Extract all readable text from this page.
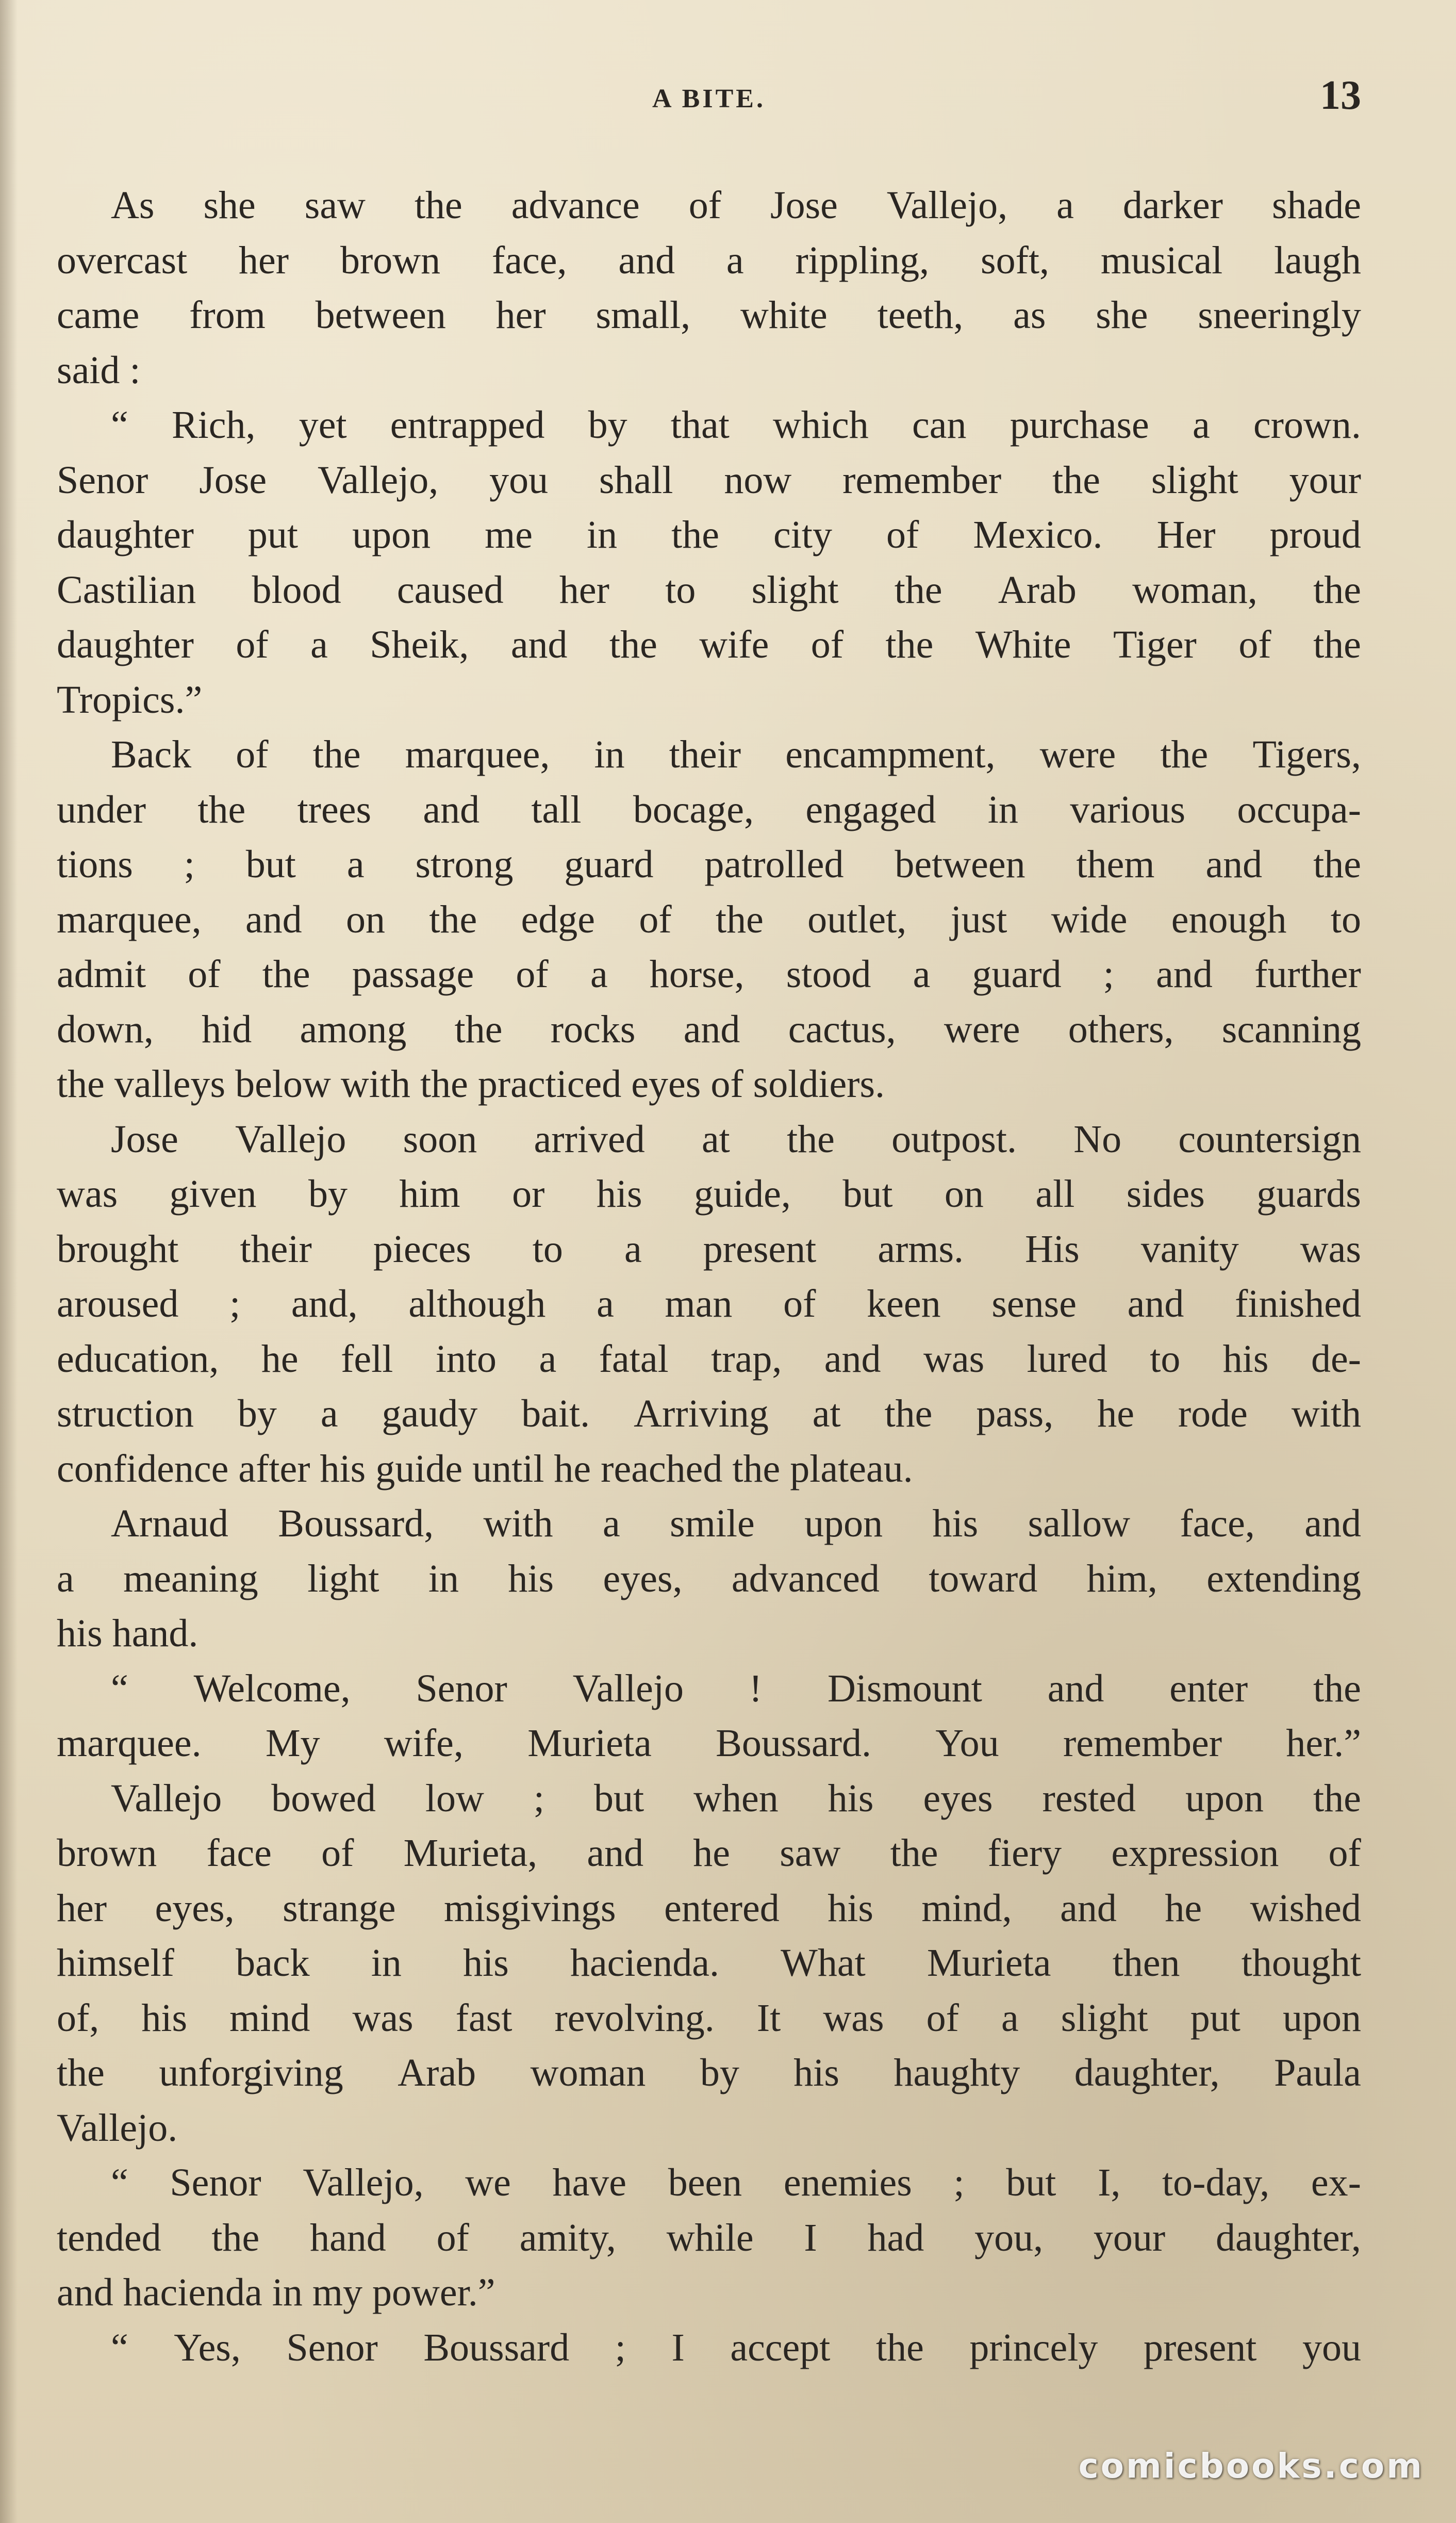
A BITE.	13
As she saw the advance of Jose Vallejo, a darker shade
overcast her brown face, and a rippling, soft, musical laugh
came from between her small, white teeth, as she sneeringly
said :
“ Rich, yet entrapped by that which can purchase a crown.
Senor Jose Vallejo, you shall now remember the slight your
daughter put upon me in the city of Mexico. Her proud
Castilian blood caused her to slight the Arab woman, the
daughter of a Sheik, and the wife of the White Tiger of the
Tropics.”
Back of the marquee, in their encampment, were the Tigers,
under the trees and tall bocage, engaged in various occupa-
tions ; but a strong guard patrolled between them and the
marquee, and on the edge of the outlet, just wide enough to
admit of the passage of a horse, stood a guard ; and further
down, hid among the rocks and cactus, were others, scanning
the valleys below with the practiced eyes of soldiers.
Jose Vallejo soon arrived at the outpost. No countersign
was given by him or his guide, but on all sides guards
brought their pieces to a present arms. His vanity was
aroused ; and, although a man of keen sense and finished
education, he fell into a fatal trap, and was lured to his de-
struction by a gaudy bait. Arriving at the pass, he rode with
confidence after his guide until he reached the plateau.
Arnaud Boussard, with a smile upon his sallow face, and
a meaning light in his eyes, advanced toward him, extending
his hand.
“ Welcome, Senor Vallejo ! Dismount and enter the
marquee. My wife, Murieta Boussard. You remember her.”
Vallejo bowed low ; but when his eyes rested upon the
brown face of Murieta, and he saw the fiery expression of
her eyes, strange misgivings entered his mind, and he wished
himself back in his hacienda. What Murieta then thought
of, his mind was fast revolving. It was of a slight put upon
the unforgiving Arab woman by his haughty daughter, Paula
Vallejo.
“ Senor Vallejo, we have been enemies ; but I, to-day, ex-
tended the hand of amity, while I had you, your daughter,
and hacienda in my power.”
“ Yes, Senor Boussard ; I accept the princely present you
comicbooks.com
